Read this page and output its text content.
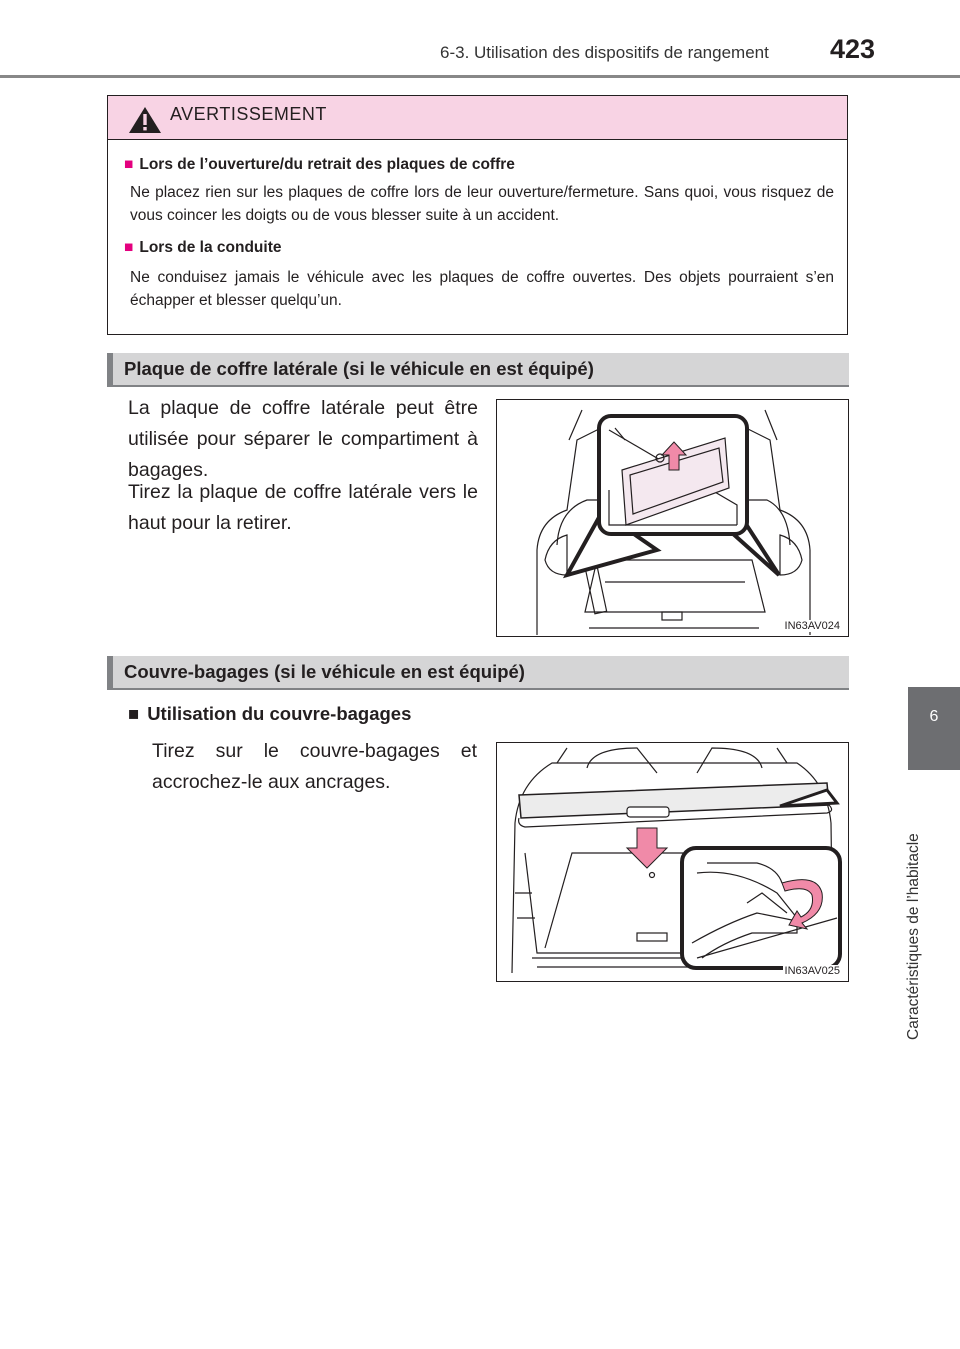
6-3. Utilisation des dispositifs de rangement 423
6
Caractéristiques de l’habitacle
AVERTISSEMENT
■ Lors de l’ouverture/du retrait des plaques de coffre
Ne placez rien sur les plaques de coffre lors de leur ouverture/fermeture. Sans quoi, vous risquez de vous coincer les doigts ou de vous blesser suite à un accident.
■ Lors de la conduite
Ne conduisez jamais le véhicule avec les plaques de coffre ouvertes. Des objets pourraient s’en échapper et blesser quelqu’un.
Plaque de coffre latérale (si le véhicule en est équipé)
La plaque de coffre latérale peut être utilisée pour séparer le compartiment à bagages.
Tirez la plaque de coffre latérale vers le haut pour la retirer.
IN63AV024
Couvre-bagages (si le véhicule en est équipé)
■ Utilisation du couvre-bagages
Tirez sur le couvre-bagages et accrochez-le aux ancrages.
IN63AV025
